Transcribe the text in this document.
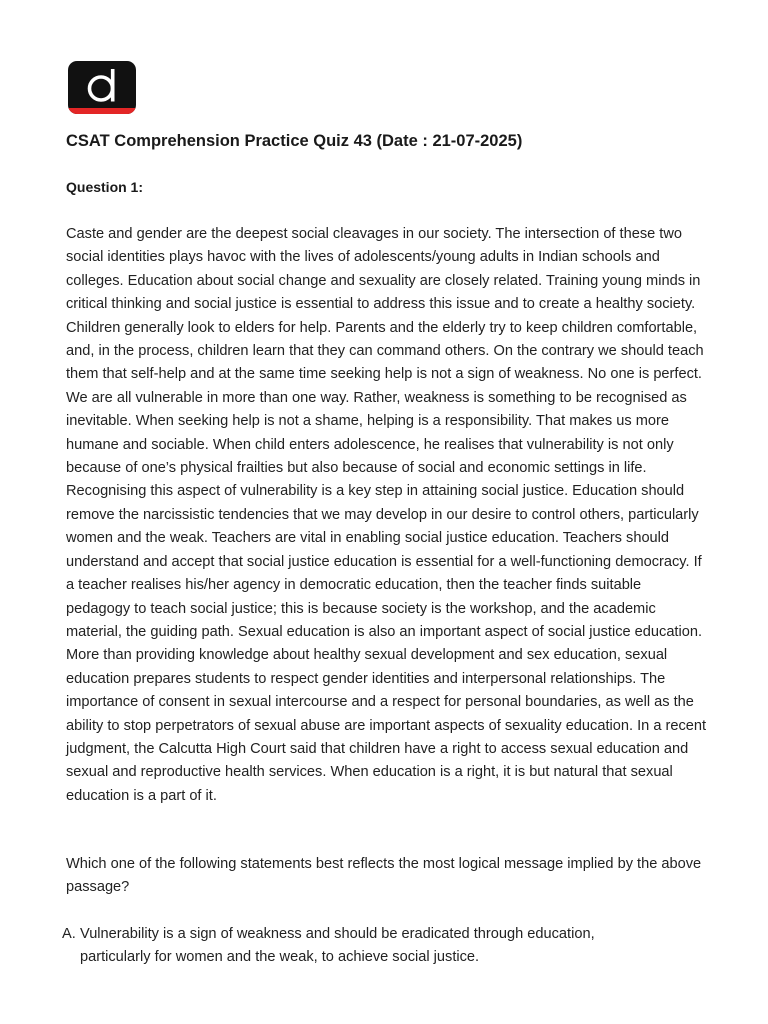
CSAT Comprehension Practice Quiz 43 (Date : 21-07-2025)
Question 1:
Caste and gender are the deepest social cleavages in our society. The intersection of these two social identities plays havoc with the lives of adolescents/young adults in Indian schools and colleges. Education about social change and sexuality are closely related. Training young minds in critical thinking and social justice is essential to address this issue and to create a healthy society. Children generally look to elders for help. Parents and the elderly try to keep children comfortable, and, in the process, children learn that they can command others. On the contrary we should teach them that self-help and at the same time seeking help is not a sign of weakness. No one is perfect. We are all vulnerable in more than one way. Rather, weakness is something to be recognised as inevitable. When seeking help is not a shame, helping is a responsibility. That makes us more humane and sociable. When child enters adolescence, he realises that vulnerability is not only because of one’s physical frailties but also because of social and economic settings in life. Recognising this aspect of vulnerability is a key step in attaining social justice. Education should remove the narcissistic tendencies that we may develop in our desire to control others, particularly women and the weak. Teachers are vital in enabling social justice education. Teachers should understand and accept that social justice education is essential for a well-functioning democracy. If a teacher realises his/her agency in democratic education, then the teacher finds suitable pedagogy to teach social justice; this is because society is the workshop, and the academic material, the guiding path. Sexual education is also an important aspect of social justice education. More than providing knowledge about healthy sexual development and sex education, sexual education prepares students to respect gender identities and interpersonal relationships. The importance of consent in sexual intercourse and a respect for personal boundaries, as well as the ability to stop perpetrators of sexual abuse are important aspects of sexuality education. In a recent judgment, the Calcutta High Court said that children have a right to access sexual education and sexual and reproductive health services. When education is a right, it is but natural that sexual education is a part of it.
Which one of the following statements best reflects the most logical message implied by the above passage?
A. Vulnerability is a sign of weakness and should be eradicated through education, particularly for women and the weak, to achieve social justice.
